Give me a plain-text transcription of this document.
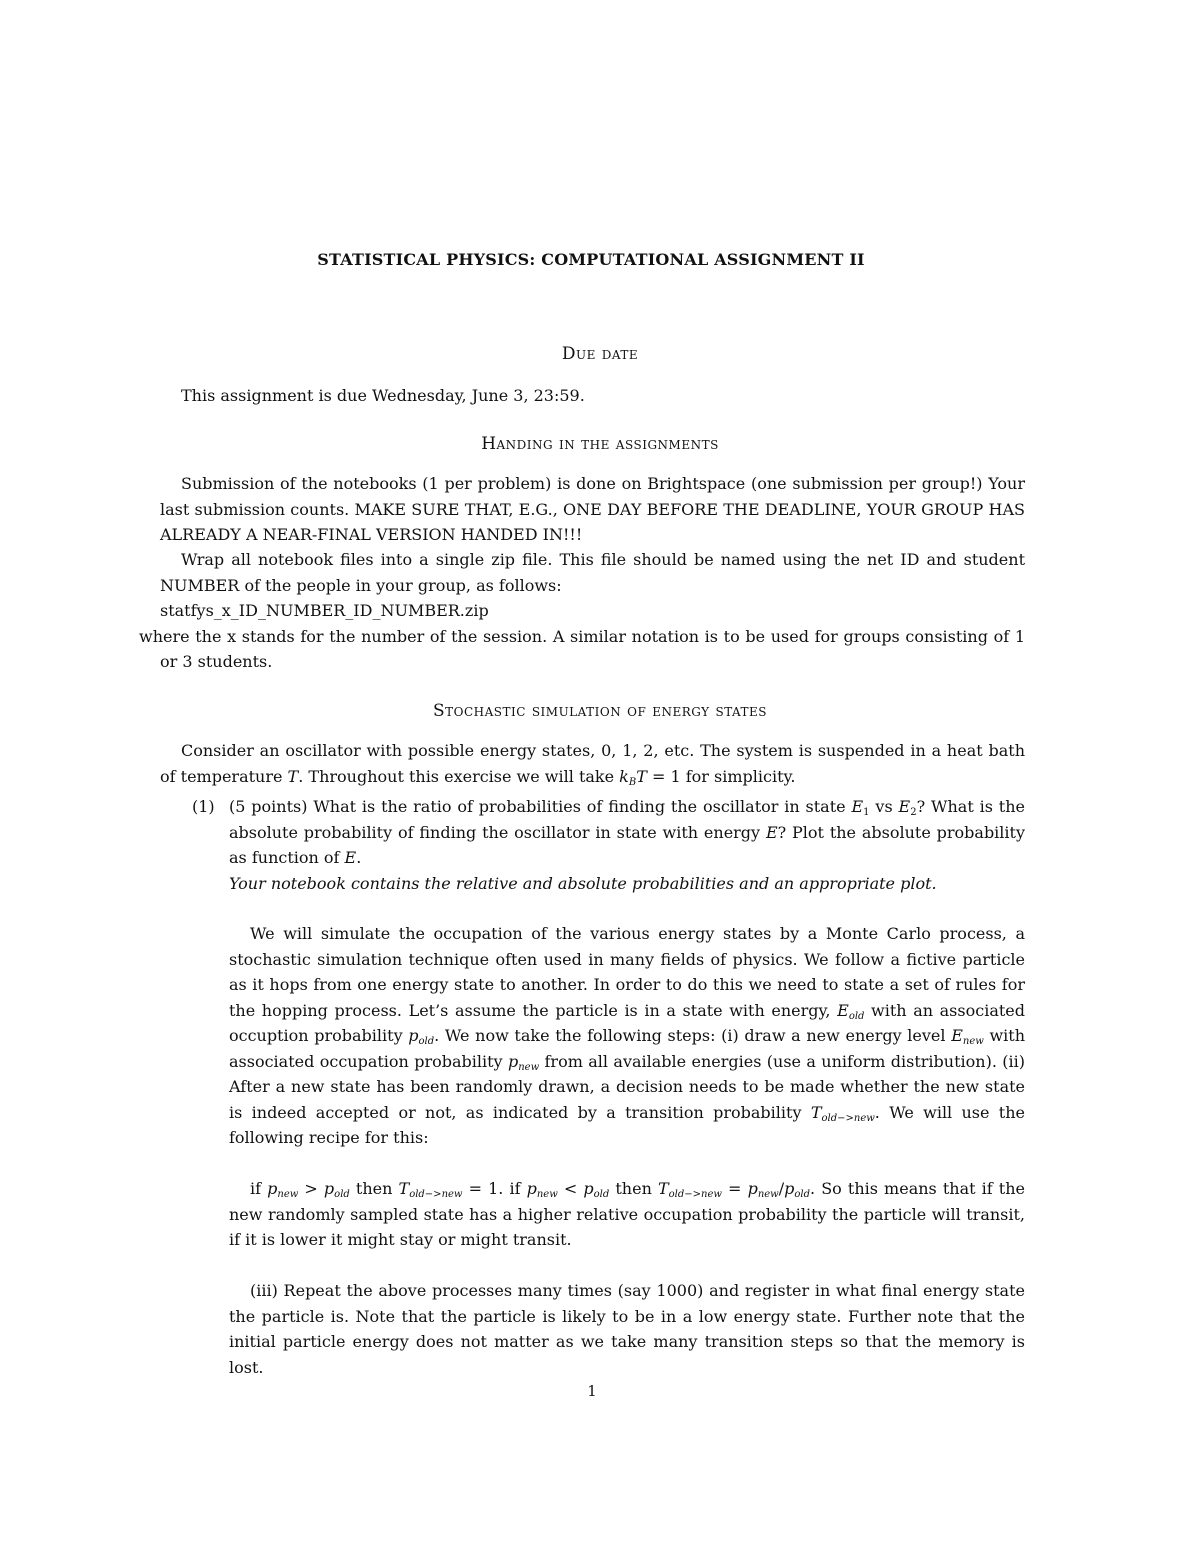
STATISTICAL PHYSICS: COMPUTATIONAL ASSIGNMENT II
Due date
This assignment is due Wednesday, June 3, 23:59.
Handing in the assignments
Submission of the notebooks (1 per problem) is done on Brightspace (one submission per group!) Your last submission counts. MAKE SURE THAT, E.G., ONE DAY BEFORE THE DEADLINE, YOUR GROUP HAS ALREADY A NEAR-FINAL VERSION HANDED IN!!!
Wrap all notebook files into a single zip file. This file should be named using the net ID and student NUMBER of the people in your group, as follows:
statfys_x_ID_NUMBER_ID_NUMBER.zip
where the x stands for the number of the session. A similar notation is to be used for groups consisting of 1 or 3 students.
Stochastic simulation of energy states
Consider an oscillator with possible energy states, 0, 1, 2, etc. The system is suspended in a heat bath of temperature T. Throughout this exercise we will take $k_BT = 1$ for simplicity.
(1) (5 points) What is the ratio of probabilities of finding the oscillator in state $E_1$ vs $E_2$? What is the absolute probability of finding the oscillator in state with energy E? Plot the absolute probability as function of E.
Your notebook contains the relative and absolute probabilities and an appropriate plot.
We will simulate the occupation of the various energy states by a Monte Carlo process, a stochastic simulation technique often used in many fields of physics. We follow a fictive particle as it hops from one energy state to another. In order to do this we need to state a set of rules for the hopping process. Let’s assume the particle is in a state with energy, $E_{old}$ with an associated occuption probability $p_{old}$. We now take the following steps: (i) draw a new energy level $E_{new}$ with associated occupation probability $p_{new}$ from all available energies (use a uniform distribution). (ii) After a new state has been randomly drawn, a decision needs to be made whether the new state is indeed accepted or not, as indicated by a transition probability $T_{old->new}$. We will use the following recipe for this:
if $p_{new} > p_{old}$ then $T_{old->new} = 1$. if $p_{new} < p_{old}$ then $T_{old->new} = p_{new}/p_{old}$. So this means that if the new randomly sampled state has a higher relative occupation probability the particle will transit, if it is lower it might stay or might transit.
(iii) Repeat the above processes many times (say 1000) and register in what final energy state the particle is. Note that the particle is likely to be in a low energy state. Further note that the initial particle energy does not matter as we take many transition steps so that the memory is lost.
1
